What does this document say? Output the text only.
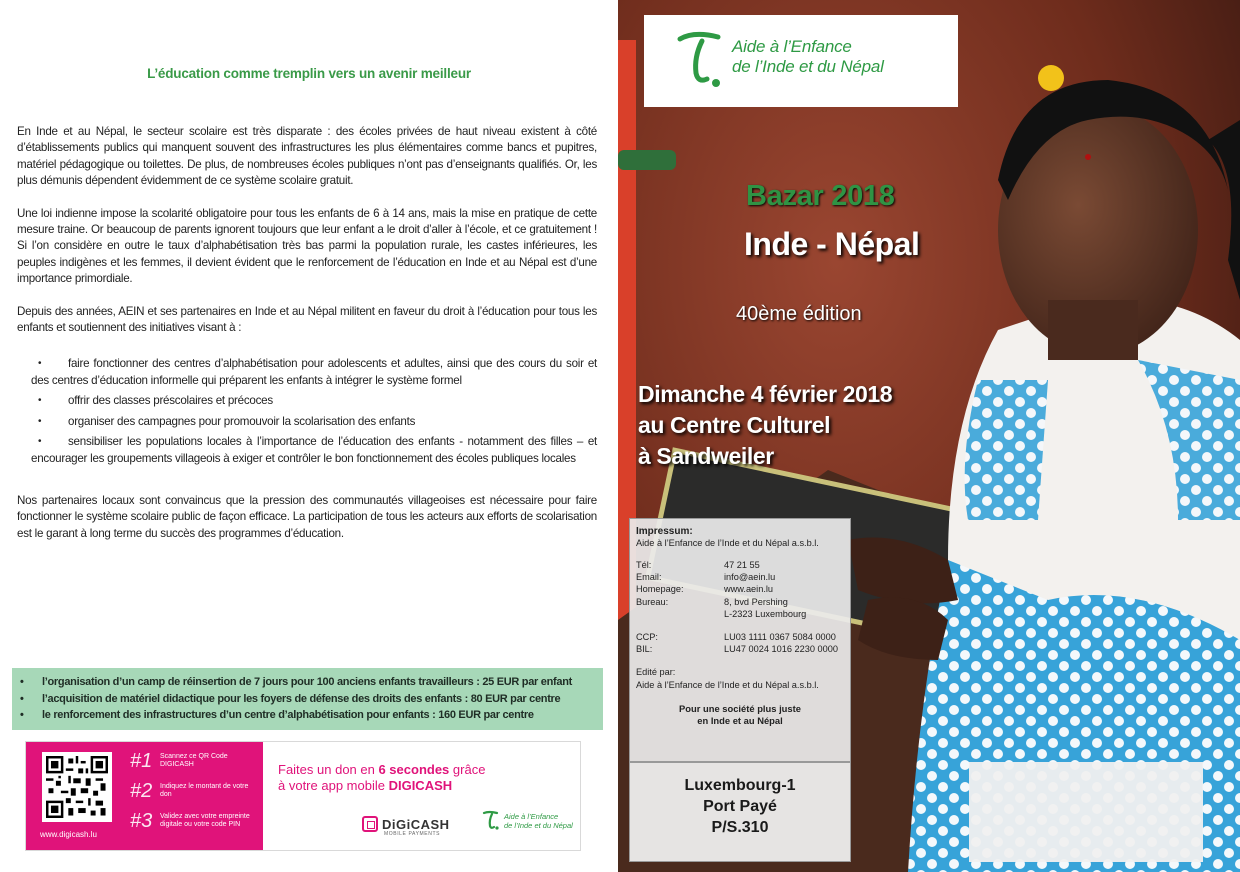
L’éducation comme tremplin vers un avenir meilleur

En Inde et au Népal, le secteur scolaire est très disparate : des écoles privées de haut niveau existent à côté d’établissements publics qui manquent souvent des infrastructures les plus élémentaires comme bancs et pupitres, matériel pédagogique ou toilettes. De plus, de nombreuses écoles publiques n’ont pas d’enseignants qualifiés. Or, les plus démunis dépendent évidemment de ce système scolaire gratuit.

Une loi indienne impose la scolarité obligatoire pour tous les enfants de 6 à 14 ans, mais la mise en pratique de cette mesure traine. Or beaucoup de parents ignorent toujours que leur enfant a le droit d’aller à l’école, et ce gratuitement ! Si l’on considère en outre le taux d’alphabétisation très bas parmi la population rurale, les castes inférieures, les peuples indigènes et les femmes, il devient évident que le renforcement de l’éducation en Inde et au Népal est d’une importance primordiale.

Depuis des années, AEIN et ses partenaires en Inde et au Népal militent en faveur du droit à l’éducation pour tous les enfants et soutiennent des initiatives visant à :

• faire fonctionner des centres d’alphabétisation pour adolescents et adultes, ainsi que des cours du soir et des centres d’éducation informelle qui préparent les enfants à intégrer le système formel
• offrir des classes préscolaires et précoces
• organiser des campagnes pour promouvoir la scolarisation des enfants
• sensibiliser les populations locales à l’importance de l’éducation des enfants - notamment des filles – et encourager les groupements villageois à exiger et contrôler le bon fonctionnement des écoles publiques locales

Nos partenaires locaux sont convaincus que la pression des communautés villageoises est nécessaire pour faire fonctionner le système scolaire public de façon efficace. La participation de tous les acteurs aux efforts de scolarisation est le garant à long terme du succès des programmes d’éducation.

•	l’organisation d’un camp de réinsertion de 7 jours pour 100 anciens enfants travailleurs : 25 EUR par enfant
•	l’acquisition de matériel didactique pour les foyers de défense des droits des enfants : 80 EUR par centre
•	le renforcement des infrastructures d’un centre d’alphabétisation pour enfants : 160 EUR par centre
www.digicash.lu
#1	Scannez ce QR Code DIGICASH
#2	Indiquez le montant de votre don
#3	Validez avec votre empreinte digitale ou votre code PIN
Faites un don en 6 secondes grâce
à votre app mobile DIGICASH
DiGiCASH
MOBILE PAYMENTS
Aide à l’Enfance
de l’Inde et du Népal
Aide à l’Enfance
de l’Inde et du Népal
Bazar 2018
Inde - Népal
40ème édition
Dimanche 4 février 2018
au Centre Culturel
à Sandweiler
Impressum:
Aide à l’Enfance de l’Inde et du Népal a.s.b.l.
Tél:	47 21 55
Email:	info@aein.lu
Homepage:	www.aein.lu
Bureau:	8, bvd Pershing
L-2323 Luxembourg
CCP:	LU03 1111 0367 5084 0000
BIL:	LU47 0024 1016 2230 0000
Edité par:
Aide à l’Enfance de l’Inde et du Népal a.s.b.l.
Pour une société plus juste
en Inde et au Népal
Luxembourg-1
Port Payé
P/S.310
